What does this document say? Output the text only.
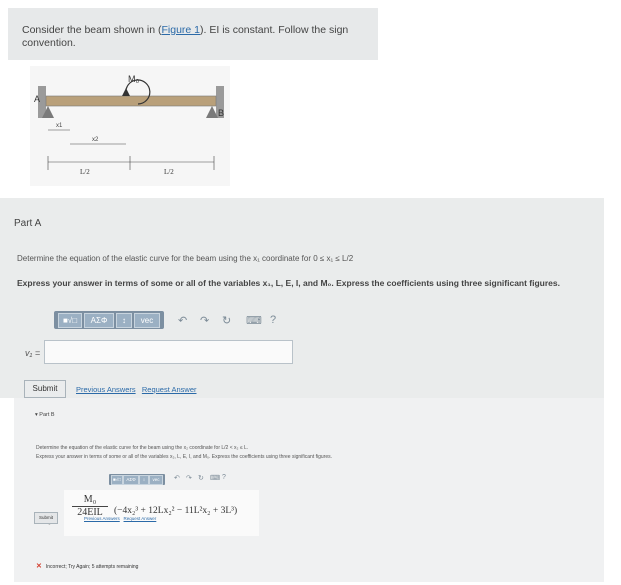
Consider the beam shown in (Figure 1). EI is constant. Follow the sign
convention.
M₀
A
B
x1
x2
L/2	L/2
Part A
Determine the equation of the elastic curve for the beam using the x₁ coordinate for 0 ≤ x₁ ≤ L/2
Express your answer in terms of some or all of the variables x₁, L, E, I, and M₀. Express the coefficients using three significant figures.
■√□	AΣΦ	↕	vec	↶ ↷ ↻ ⌨ ?
v₁ =
Submit	Previous Answers Request Answer
▾ Part B
Determine the equation of the elastic curve for the beam using the x₂ coordinate for L/2 < x₂ ≤ L.
Express your answer in terms of some or all of the variables x₂, L, E, I, and M₀. Express the coefficients using three significant figures.
■√□	AΣΦ	↕	vec	↶ ↷ ↻ ⌨ ?
M₀
24EIL	(−4x₂³ + 12Lx₂² − 11L²x₂ + 3L³)
Submit	Previous Answers Request Answer
✕ Incorrect; Try Again; 5 attempts remaining
